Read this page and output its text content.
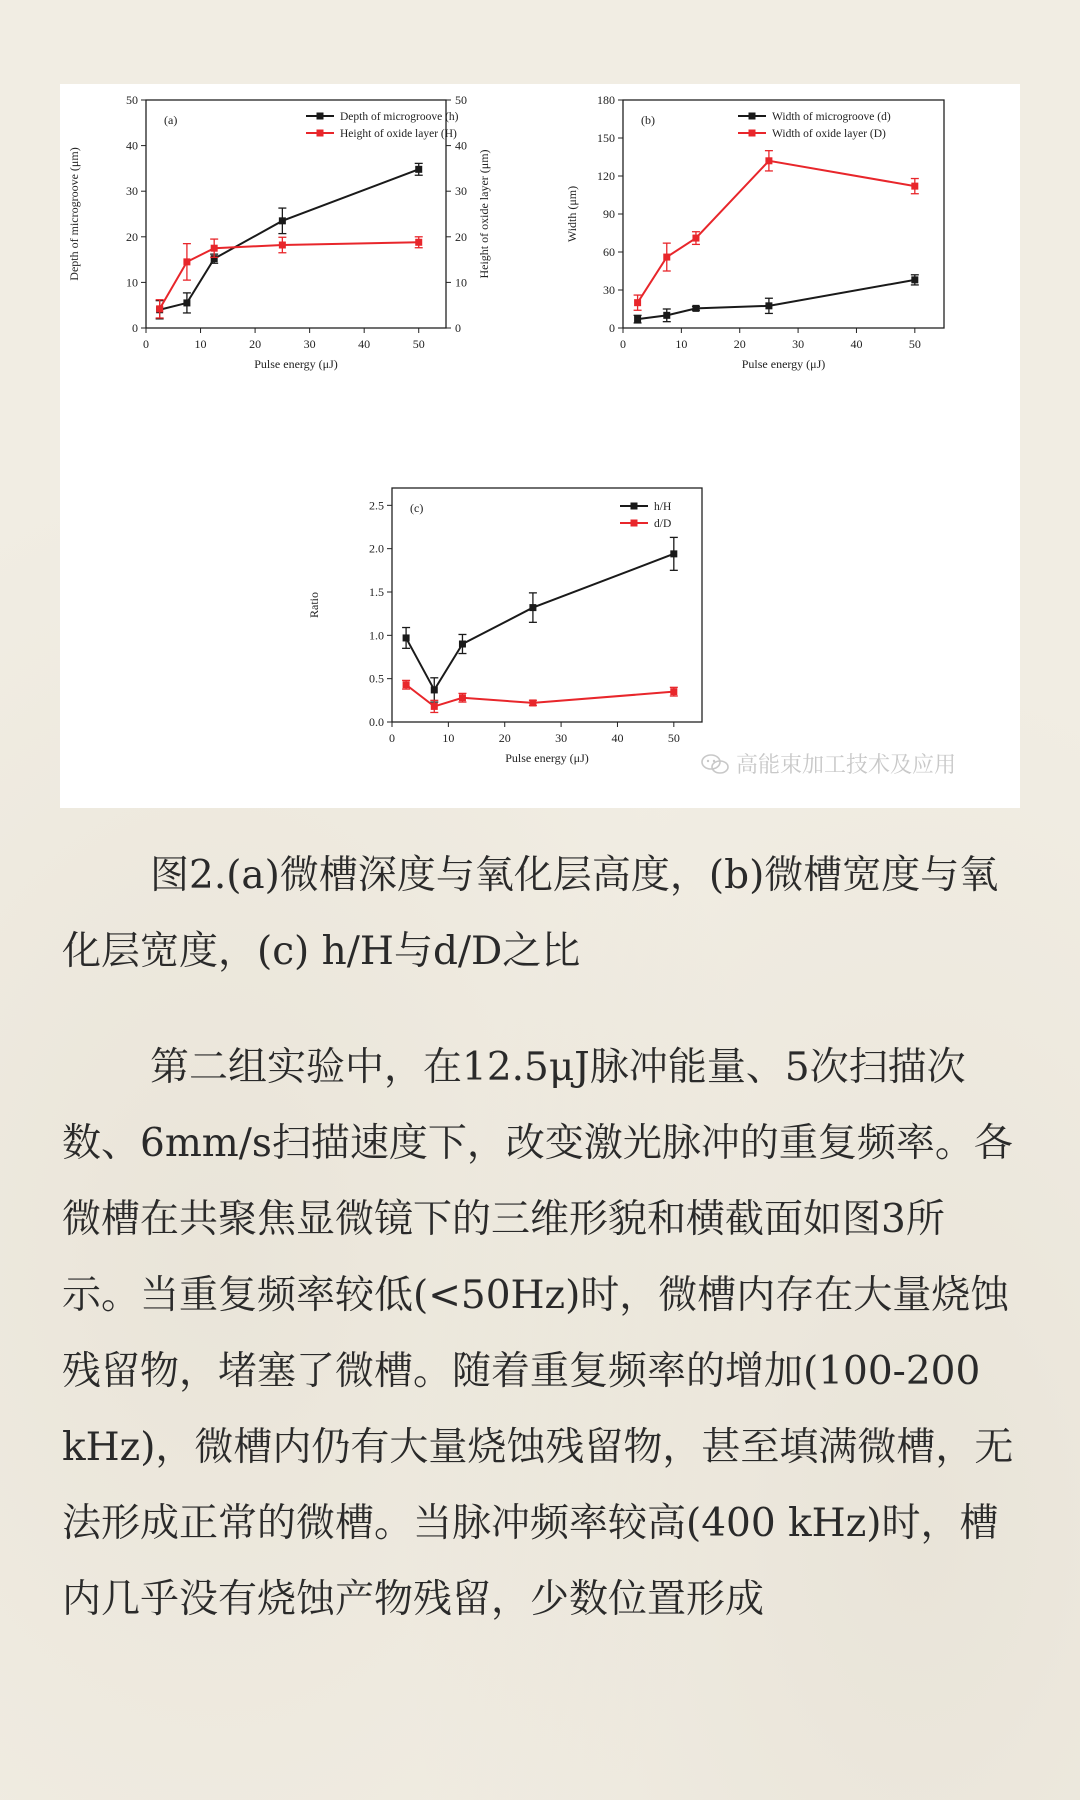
0	10	20	30	40	50
0	0
10	10
20	20
30	30
40	40
50	50
Pulse energy (μJ)
Depth of microgroove (μm)	Height of oxide layer (μm)
(a)	Depth of microgroove (h)
Height of oxide layer (H)
0	10	20	30	40	50
0
30
60
90
120
150
180
Pulse energy (μJ)
Width (μm)
(b)	Width of microgroove (d)
Width of oxide layer (D)
0	10	20	30	40	50
0.0
0.5
1.0
1.5
2.0
2.5
Pulse energy (μJ)
Ratio
(c)	h/H
d/D
高能束加工技术及应用

图2.(a)微槽深度与氧化层高度，(b)微槽宽度与氧化层宽度，(c) h/H与d/D之比

第二组实验中，在12.5μJ脉冲能量、5次扫描次数、6mm/s扫描速度下，改变激光脉冲的重复频率。各微槽在共聚焦显微镜下的三维形貌和横截面如图3所示。当重复频率较低(<50Hz)时，微槽内存在大量烧蚀残留物，堵塞了微槽。随着重复频率的增加(100-200 kHz)，微槽内仍有大量烧蚀残留物，甚至填满微槽，无法形成正常的微槽。当脉冲频率较高(400 kHz)时，槽内几乎没有烧蚀产物残留，少数位置形成
